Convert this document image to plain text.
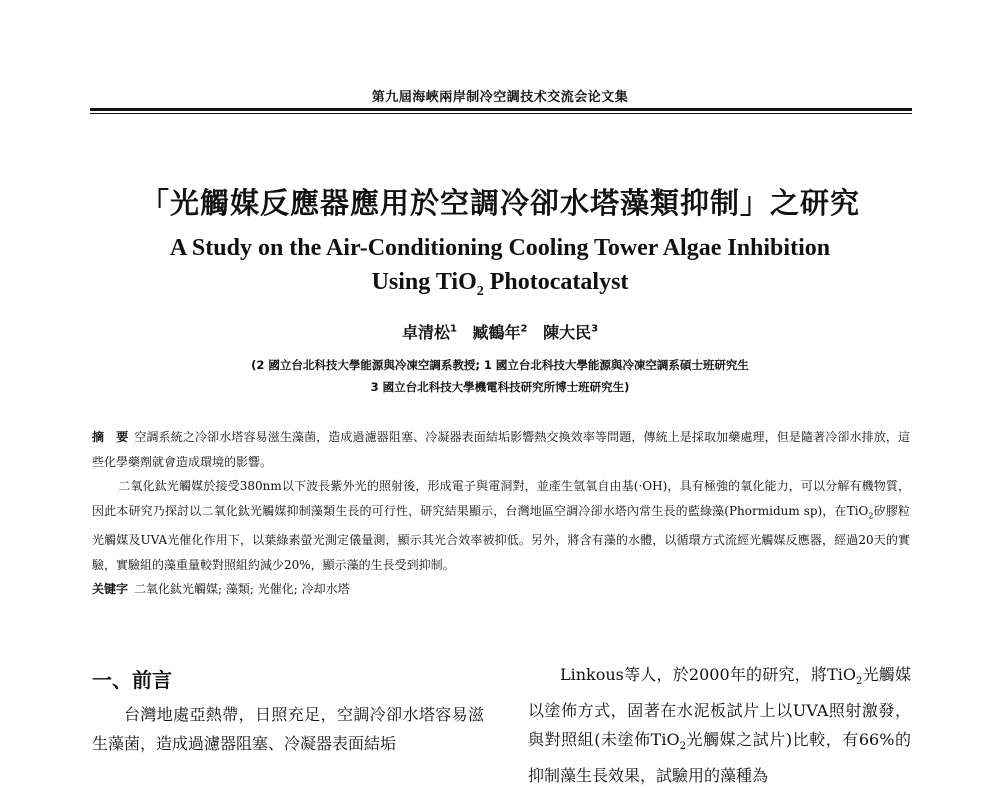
第九屆海峽兩岸制冷空調技术交流会论文集
「光觸媒反應器應用於空調冷卻水塔藻類抑制」之研究
A Study on the Air-Conditioning Cooling Tower Algae Inhibition
Using TiO$_2$ Photocatalyst
卓清松$^1$ 臧鶴年$^2$ 陳大民$^3$
(2 國立台北科技大學能源與冷凍空調系教授; 1 國立台北科技大學能源與冷凍空調系碩士班研究生
3 國立台北科技大學機電科技研究所博士班研究生)

摘　要 空調系統之冷卻水塔容易滋生藻菌，造成過濾器阻塞、冷凝器表面結垢影響熱交換效率等問題，傳統上是採取加藥處理，但是隨著冷卻水排放，這些化學藥劑就會造成環境的影響。

二氧化鈦光觸媒於接受380nm以下波長紫外光的照射後，形成電子與電洞對，並產生氫氧自由基(·OH)，具有極強的氧化能力，可以分解有機物質，因此本研究乃探討以二氧化鈦光觸媒抑制藻類生長的可行性，研究結果顯示，台灣地區空調冷卻水塔內常生長的藍綠藻(Phormidum sp)，在TiO$_2$矽膠粒光觸媒及UVA光催化作用下，以葉綠素螢光測定儀量測，顯示其光合效率被抑低。另外，將含有藻的水體，以循環方式流經光觸媒反應器，經過20天的實驗，實驗組的藻重量較對照組約減少20%，顯示藻的生長受到抑制。

关键字 二氧化鈦光觸媒; 藻類; 光催化; 冷却水塔

一、前言

台灣地處亞熱帶，日照充足，空調冷卻水塔容易滋生藻菌，造成過濾器阻塞、冷凝器表面結垢

Linkous等人，於2000年的研究，將TiO$_2$光觸媒以塗佈方式，固著在水泥板試片上以UVA照射激發，與對照組(未塗佈TiO$_2$光觸媒之試片)比較，有66%的抑制藻生長效果，試驗用的藻種為
